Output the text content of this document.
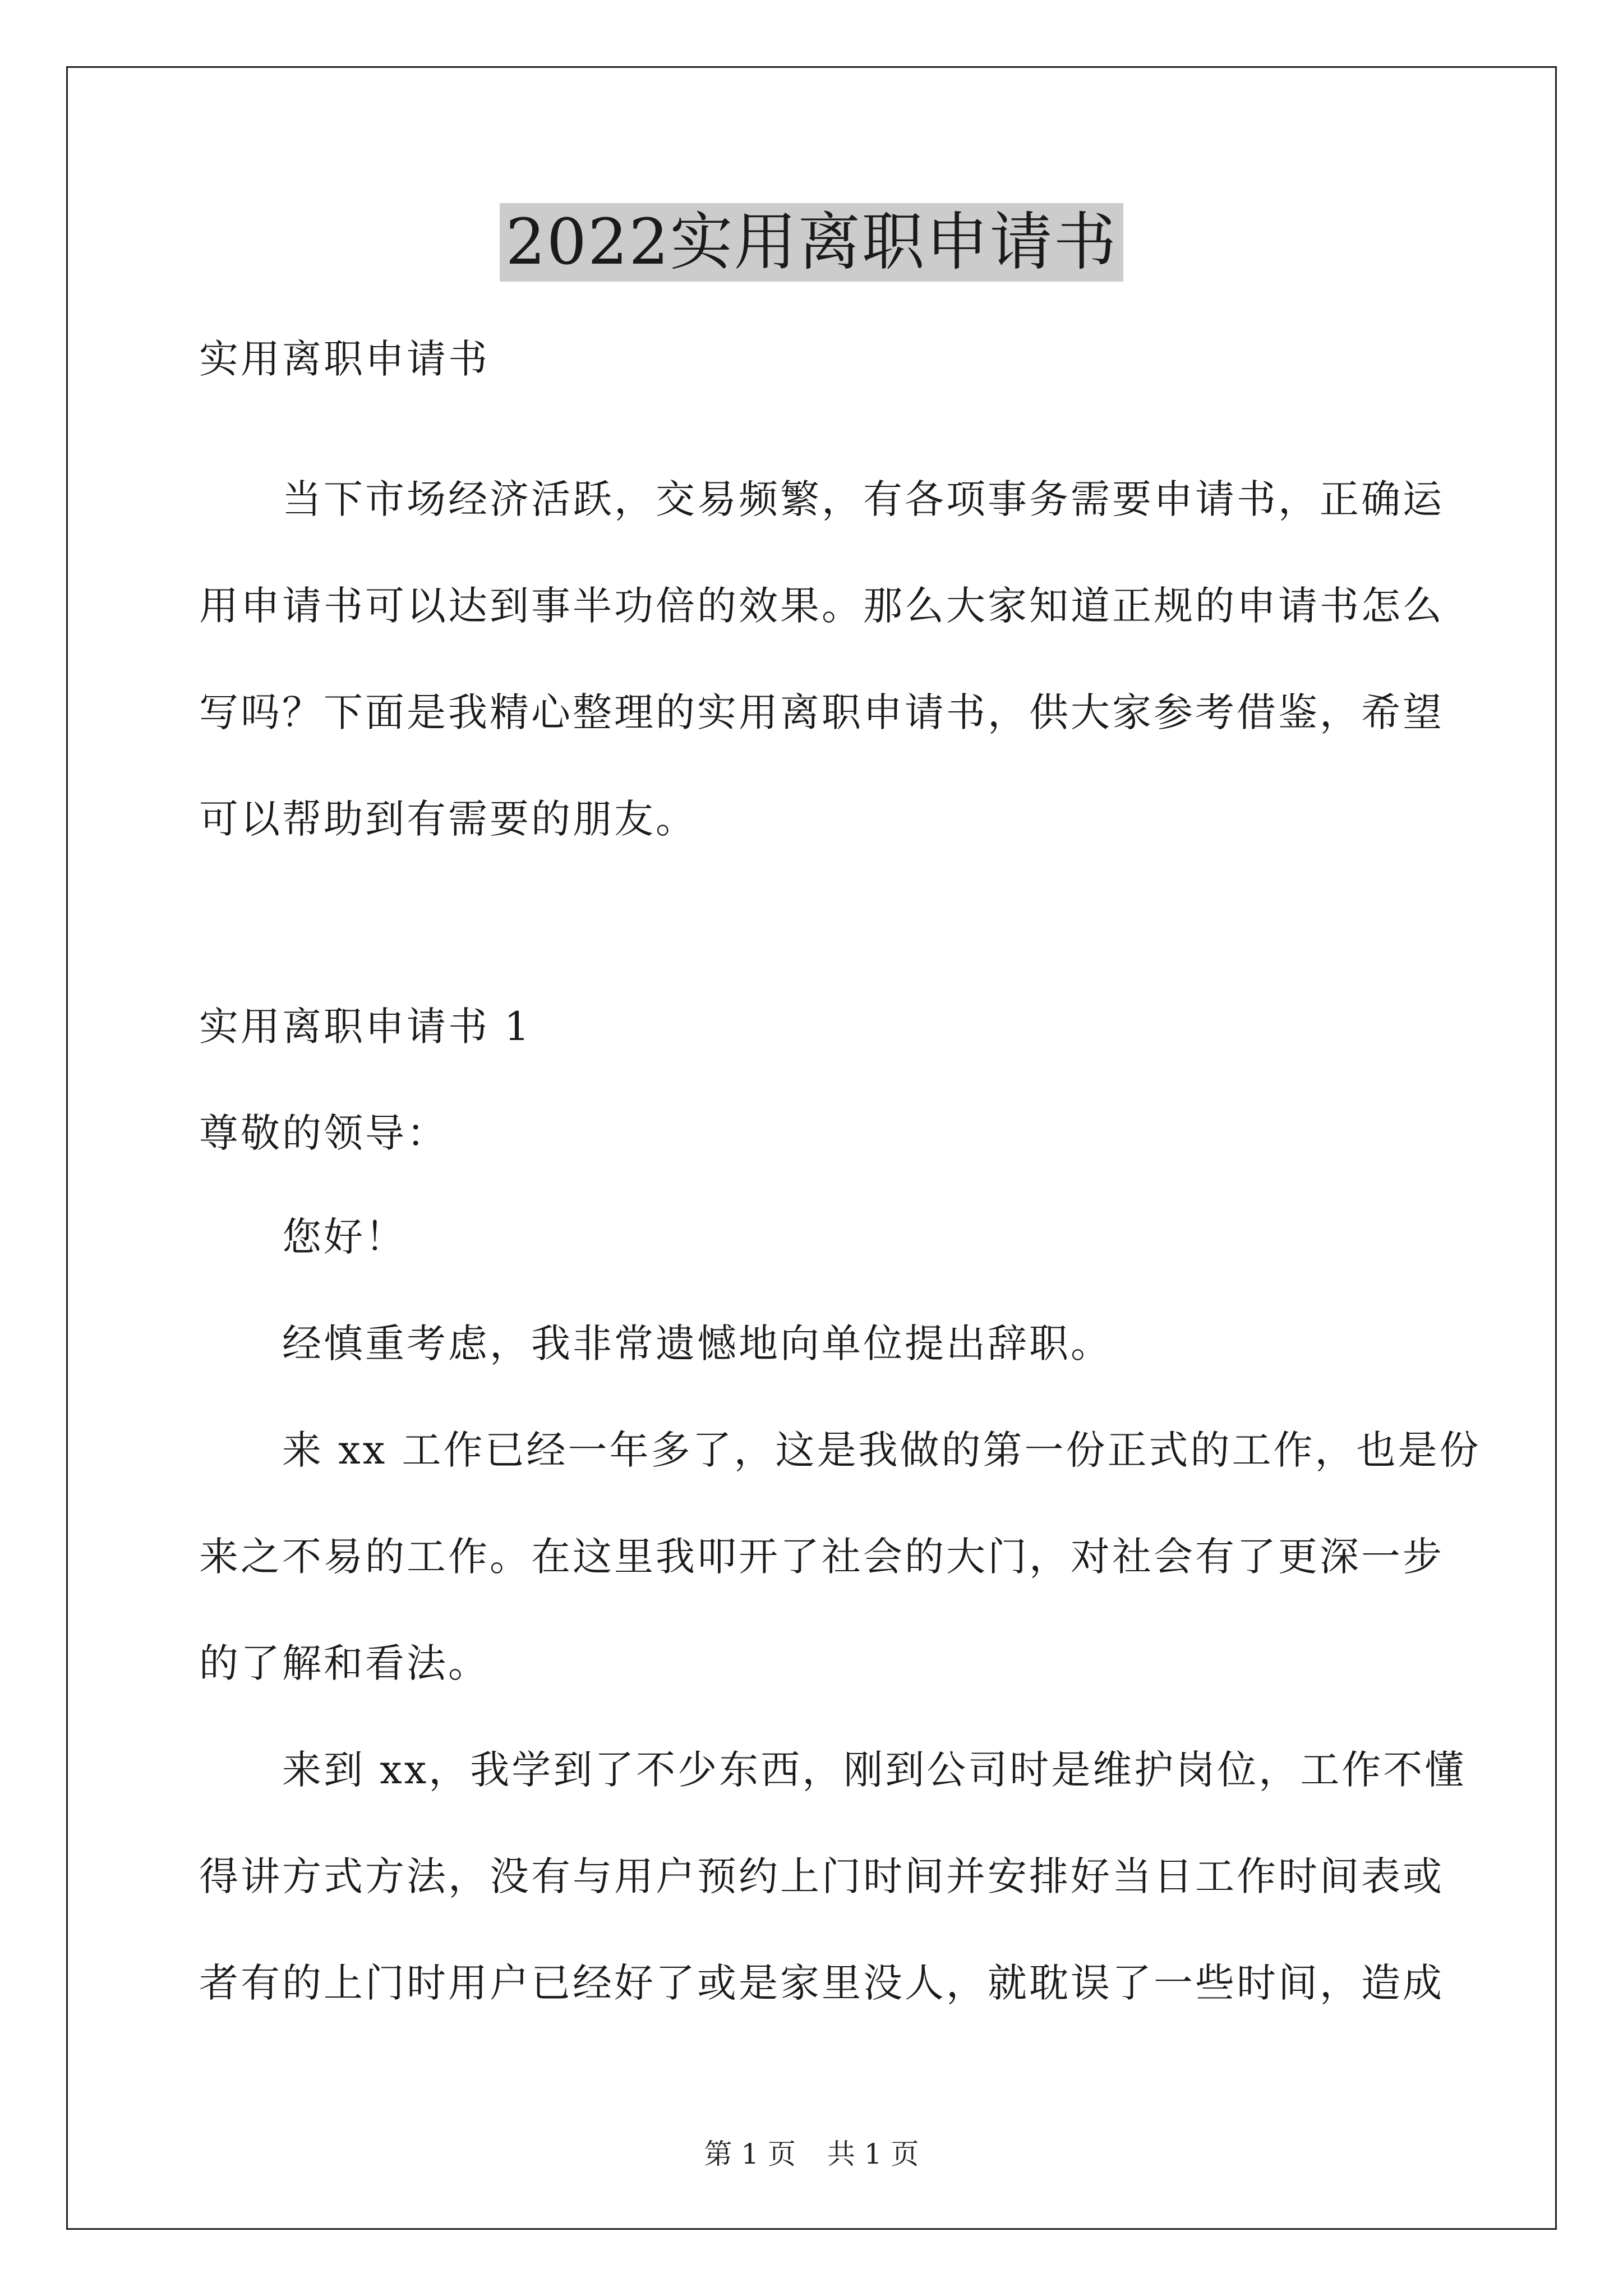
2022实用离职申请书

实用离职申请书

　　当下市场经济活跃，交易频繁，有各项事务需要申请书，正确运

用申请书可以达到事半功倍的效果。那么大家知道正规的申请书怎么

写吗？下面是我精心整理的实用离职申请书，供大家参考借鉴，希望

可以帮助到有需要的朋友。

实用离职申请书 1

尊敬的领导：

　　您好！

　　经慎重考虑，我非常遗憾地向单位提出辞职。

　　来 xx 工作已经一年多了，这是我做的第一份正式的工作，也是份

来之不易的工作。在这里我叩开了社会的大门，对社会有了更深一步

的了解和看法。

　　来到 xx，我学到了不少东西，刚到公司时是维护岗位，工作不懂

得讲方式方法，没有与用户预约上门时间并安排好当日工作时间表或

者有的上门时用户已经好了或是家里没人，就耽误了一些时间，造成

第 1 页 共 1 页
